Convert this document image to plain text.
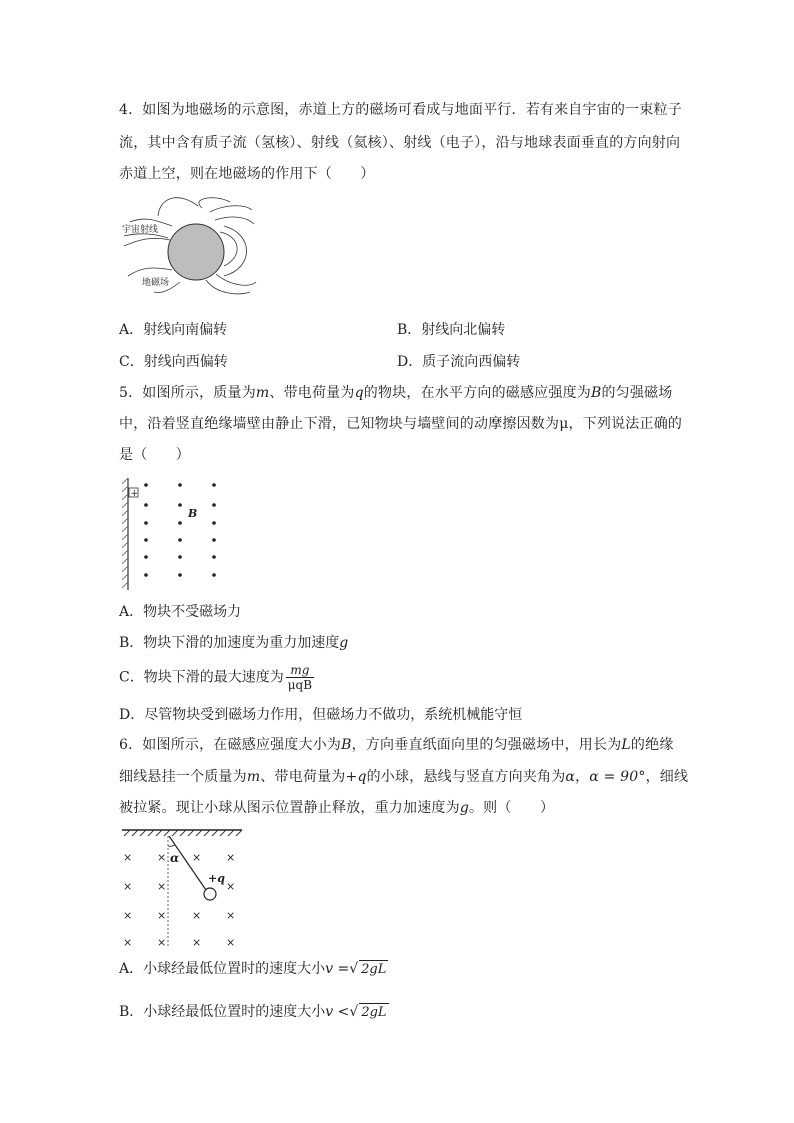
4．如图为地磁场的示意图，赤道上方的磁场可看成与地面平行．若有来自宇宙的一束粒子
流，其中含有质子流（氢核）、射线（氦核）、射线（电子），沿与地球表面垂直的方向射向
赤道上空，则在地磁场的作用下（　　）
宇宙射线
地磁场
A．射线向南偏转	B．射线向北偏转
C．射线向西偏转	D．质子流向西偏转
5．如图所示，质量为m、带电荷量为q的物块，在水平方向的磁感应强度为B的匀强磁场
中，沿着竖直绝缘墙壁由静止下滑，已知物块与墙壁间的动摩擦因数为μ，下列说法正确的
是（　　）
+
B
A．物块不受磁场力
B．物块下滑的加速度为重力加速度g
C．物块下滑的最大速度为 $\frac{mg}{\text{μqB}}$
D．尽管物块受到磁场力作用，但磁场力不做功，系统机械能守恒
6．如图所示，在磁感应强度大小为B，方向垂直纸面向里的匀强磁场中，用长为L的绝缘
细线悬挂一个质量为m、带电荷量为+q的小球，悬线与竖直方向夹角为α，α = 90°，细线
被拉紧。现让小球从图示位置静止释放，重力加速度为g。则（　　）
α
+q
× × × ×
× ×	×
× × × ×
× × × ×
A．小球经最低位置时的速度大小v =√ 2gL
B．小球经最低位置时的速度大小v <√ 2gL
